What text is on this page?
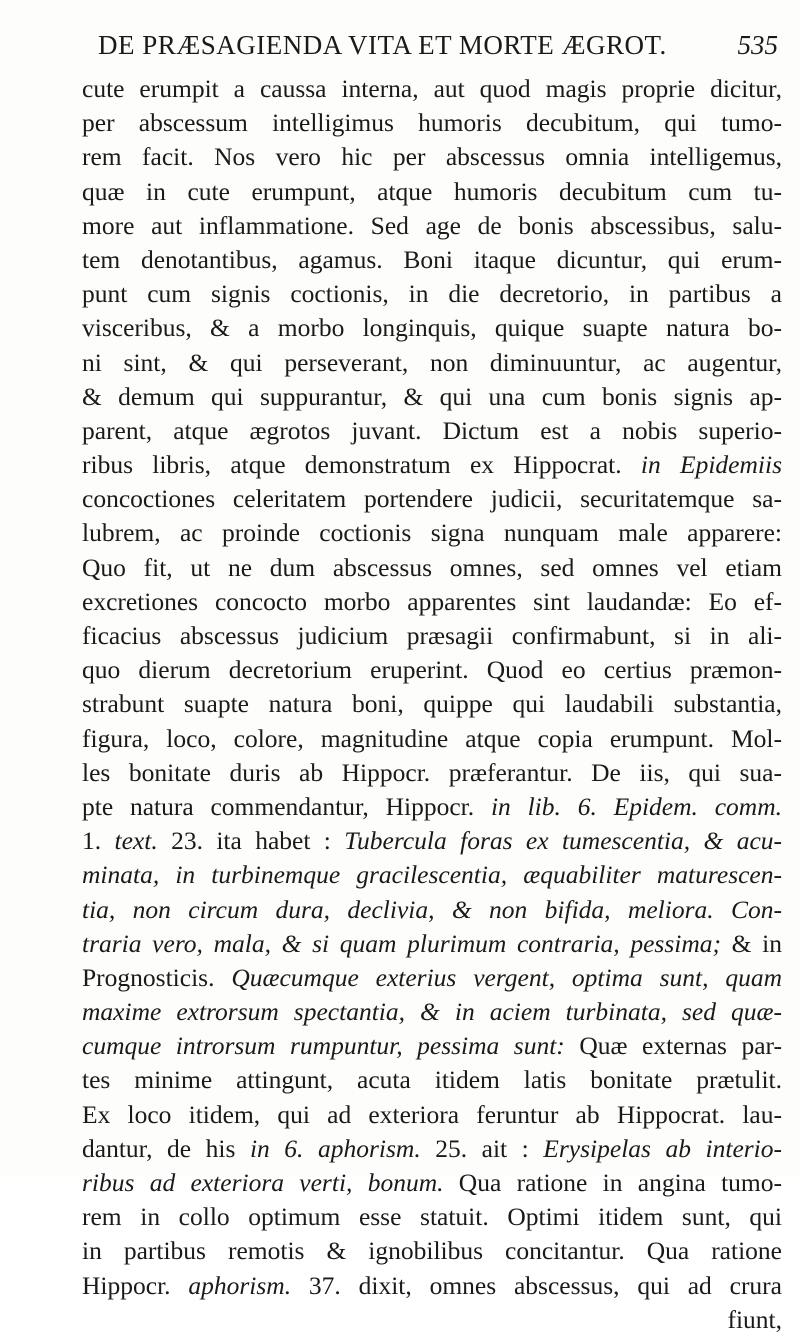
DE PRÆSAGIENDA VITA ET MORTE ÆGROT.	535
cute erumpit a caussa interna, aut quod magis proprie dicitur,
per abscessum intelligimus humoris decubitum, qui tumo-
rem facit. Nos vero hic per abscessus omnia intelligemus,
quæ in cute erumpunt, atque humoris decubitum cum tu-
more aut inflammatione. Sed age de bonis abscessibus, salu-
tem denotantibus, agamus. Boni itaque dicuntur, qui erum-
punt cum signis coctionis, in die decretorio, in partibus a
visceribus, & a morbo longinquis, quique suapte natura bo-
ni sint, & qui perseverant, non diminuuntur, ac augentur,
& demum qui suppurantur, & qui una cum bonis signis ap-
parent, atque ægrotos juvant. Dictum est a nobis superio-
ribus libris, atque demonstratum ex Hippocrat. in Epidemiis
concoctiones celeritatem portendere judicii, securitatemque sa-
lubrem, ac proinde coctionis signa nunquam male apparere:
Quo fit, ut ne dum abscessus omnes, sed omnes vel etiam
excretiones concocto morbo apparentes sint laudandæ: Eo ef-
ficacius abscessus judicium præsagii confirmabunt, si in ali-
quo dierum decretorium eruperint. Quod eo certius præmon-
strabunt suapte natura boni, quippe qui laudabili substantia,
figura, loco, colore, magnitudine atque copia erumpunt. Mol-
les bonitate duris ab Hippocr. præferantur. De iis, qui sua-
pte natura commendantur, Hippocr. in lib. 6. Epidem. comm.
1. text. 23. ita habet : Tubercula foras ex tumescentia, & acu-
minata, in turbinemque gracilescentia, æquabiliter maturescen-
tia, non circum dura, declivia, & non bifida, meliora. Con-
traria vero, mala, & si quam plurimum contraria, pessima; & in
Prognosticis. Quæcumque exterius vergent, optima sunt, quam
maxime extrorsum spectantia, & in aciem turbinata, sed quæ-
cumque introrsum rumpuntur, pessima sunt: Quæ externas par-
tes minime attingunt, acuta itidem latis bonitate prætulit.
Ex loco itidem, qui ad exteriora feruntur ab Hippocrat. lau-
dantur, de his in 6. aphorism. 25. ait : Erysipelas ab interio-
ribus ad exteriora verti, bonum. Qua ratione in angina tumo-
rem in collo optimum esse statuit. Optimi itidem sunt, qui
in partibus remotis & ignobilibus concitantur. Qua ratione
Hippocr. aphorism. 37. dixit, omnes abscessus, qui ad crura
fiunt,
